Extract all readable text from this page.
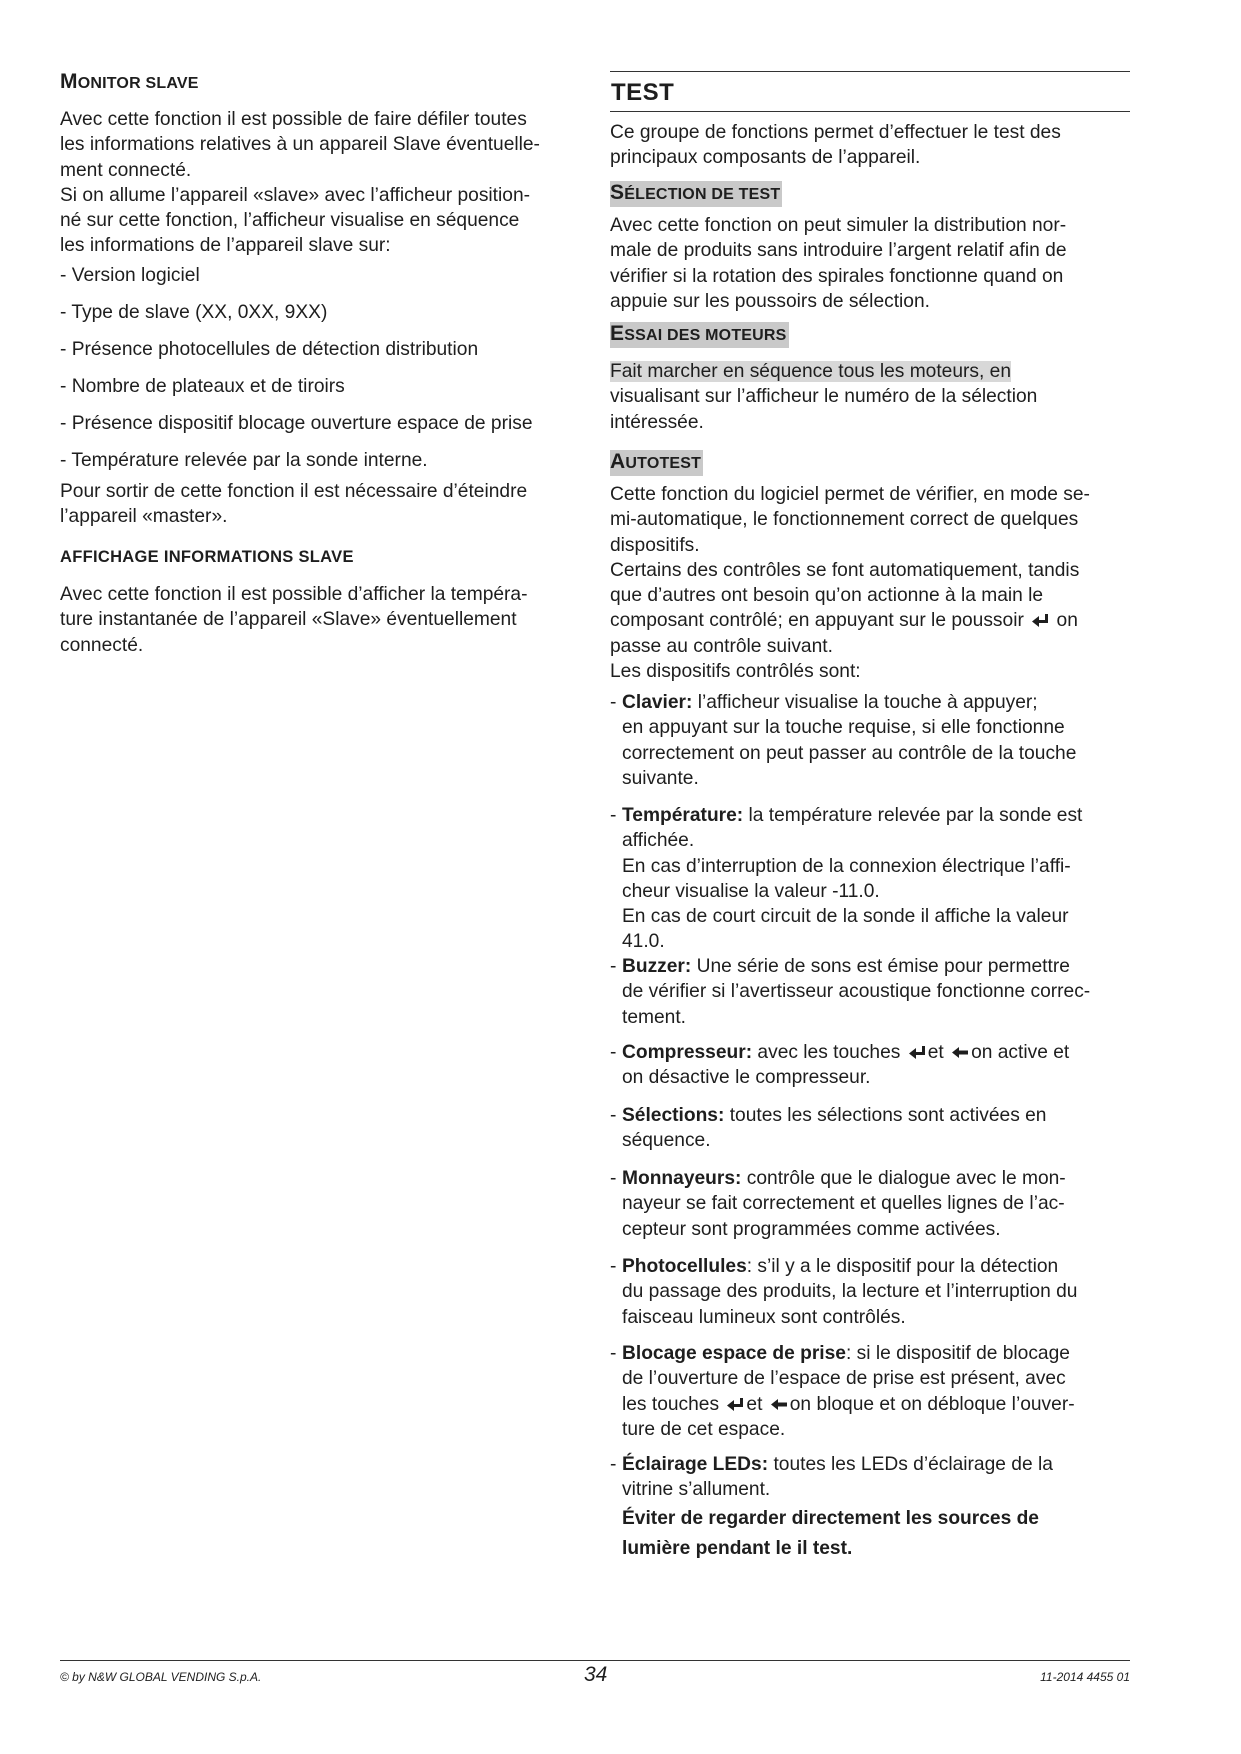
MONITOR SLAVE
Avec cette fonction il est possible de faire défiler toutes
les informations relatives à un appareil Slave éventuelle-
ment connecté.
Si on allume l’appareil «slave» avec l’afficheur position-
né sur cette fonction, l’afficheur visualise en séquence
les informations de l’appareil slave sur:
- Version logiciel
- Type de slave (XX, 0XX, 9XX)
- Présence photocellules de détection distribution
- Nombre de plateaux et de tiroirs
- Présence dispositif blocage ouverture espace de prise
- Température relevée par la sonde interne.
Pour sortir de cette fonction il est nécessaire d’éteindre
l’appareil «master».
AFFICHAGE INFORMATIONS SLAVE
Avec cette fonction il est possible d’afficher la tempéra-
ture instantanée de l’appareil «Slave» éventuellement
connecté.
TEST
Ce groupe de fonctions permet d’effectuer le test des
principaux composants de l’appareil.
SÉLECTION DE TEST
Avec cette fonction on peut simuler la distribution nor-
male de produits sans introduire l’argent relatif afin de
vérifier si la rotation des spirales fonctionne quand on
appuie sur les poussoirs de sélection.
ESSAI DES MOTEURS
Fait marcher en séquence tous les moteurs, en
visualisant sur l’afficheur le numéro de la sélection
intéressée.
AUTOTEST
Cette fonction du logiciel permet de vérifier, en mode se-
mi-automatique, le fonctionnement correct de quelques
dispositifs.
Certains des contrôles se font automatiquement, tandis
que d’autres ont besoin qu’on actionne à la main le
composant contrôlé; en appuyant sur le poussoir on
passe au contrôle suivant.
Les dispositifs contrôlés sont:
- Clavier: l’afficheur visualise la touche à appuyer;
en appuyant sur la touche requise, si elle fonctionne
correctement on peut passer au contrôle de la touche
suivante.
- Température: la température relevée par la sonde est
affichée.
En cas d’interruption de la connexion électrique l’affi-
cheur visualise la valeur -11.0.
En cas de court circuit de la sonde il affiche la valeur
41.0.
- Buzzer: Une série de sons est émise pour permettre
de vérifier si l’avertisseur acoustique fonctionne correc-
tement.
- Compresseur: avec les touches et on active et
on désactive le compresseur.
- Sélections: toutes les sélections sont activées en
séquence.
- Monnayeurs: contrôle que le dialogue avec le mon-
nayeur se fait correctement et quelles lignes de l’ac-
cepteur sont programmées comme activées.
- Photocellules: s’il y a le dispositif pour la détection
du passage des produits, la lecture et l’interruption du
faisceau lumineux sont contrôlés.
- Blocage espace de prise: si le dispositif de blocage
de l’ouverture de l’espace de prise est présent, avec
les touches et on bloque et on débloque l’ouver-
ture de cet espace.
- Éclairage LEDs: toutes les LEDs d’éclairage de la
vitrine s’allument.
Éviter de regarder directement les sources de
lumière pendant le il test.
© by N&W GLOBAL VENDING S.p.A.	34	11-2014 4455 01
